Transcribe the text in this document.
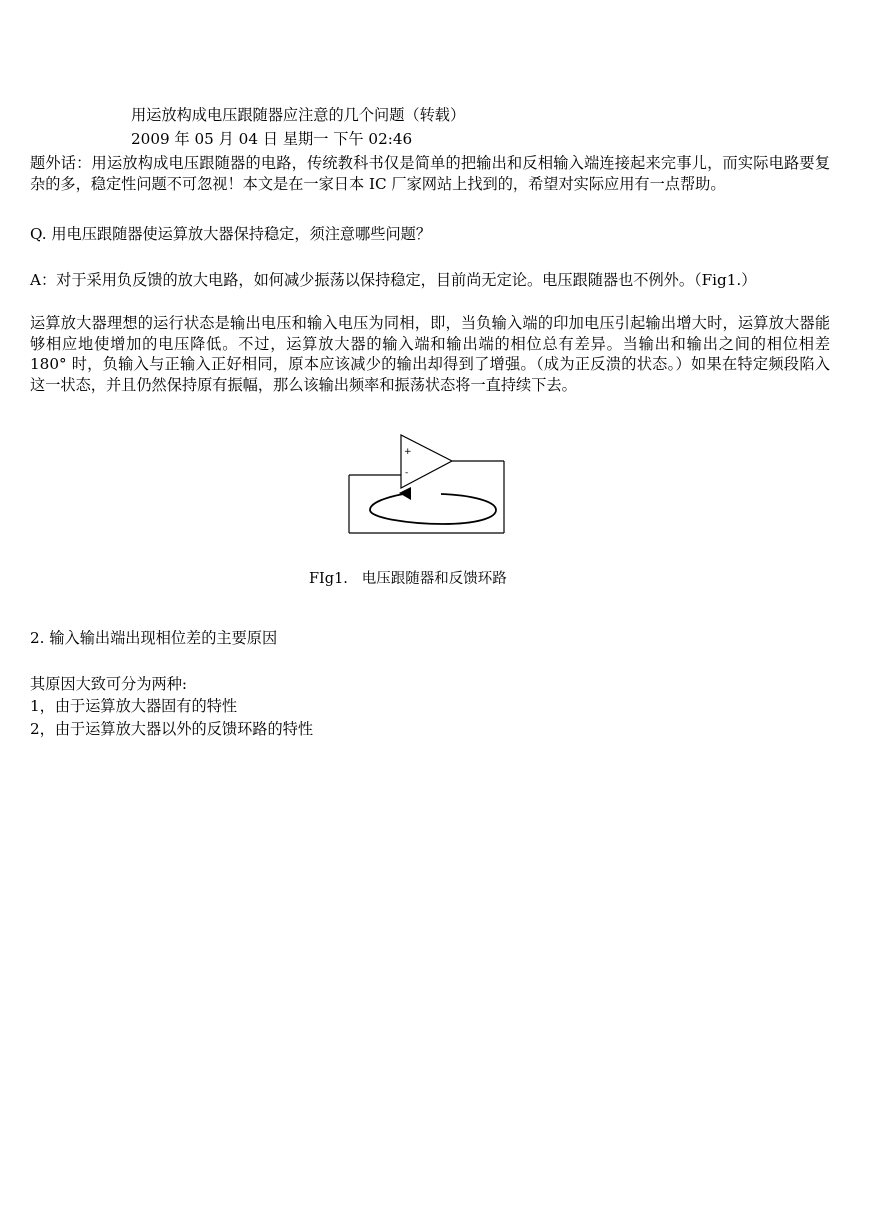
用运放构成电压跟随器应注意的几个问题（转载）
2009 年 05 月 04 日 星期一 下午 02:46
题外话：用运放构成电压跟随器的电路，传统教科书仅是简单的把输出和反相输入端连接起来完事儿，而实际电路要复杂的多，稳定性问题不可忽视！本文是在一家日本 IC 厂家网站上找到的，希望对实际应用有一点帮助。
Q. 用电压跟随器使运算放大器保持稳定，须注意哪些问题？
A：对于采用负反馈的放大电路，如何减少振荡以保持稳定，目前尚无定论。电压跟随器也不例外。（Fig1.）
运算放大器理想的运行状态是输出电压和输入电压为同相，即，当负输入端的印加电压引起输出增大时，运算放大器能够相应地使增加的电压降低。不过，运算放大器的输入端和输出端的相位总有差异。当输出和输出之间的相位相差 180° 时，负输入与正输入正好相同，原本应该减少的输出却得到了增强。（成为正反溃的状态。）如果在特定频段陷入这一状态，并且仍然保持原有振幅，那么该输出频率和振荡状态将一直持续下去。
+
-
FIg1.   电压跟随器和反馈环路
2. 输入输出端出现相位差的主要原因
其原因大致可分为两种:
1，由于运算放大器固有的特性
2，由于运算放大器以外的反馈环路的特性
